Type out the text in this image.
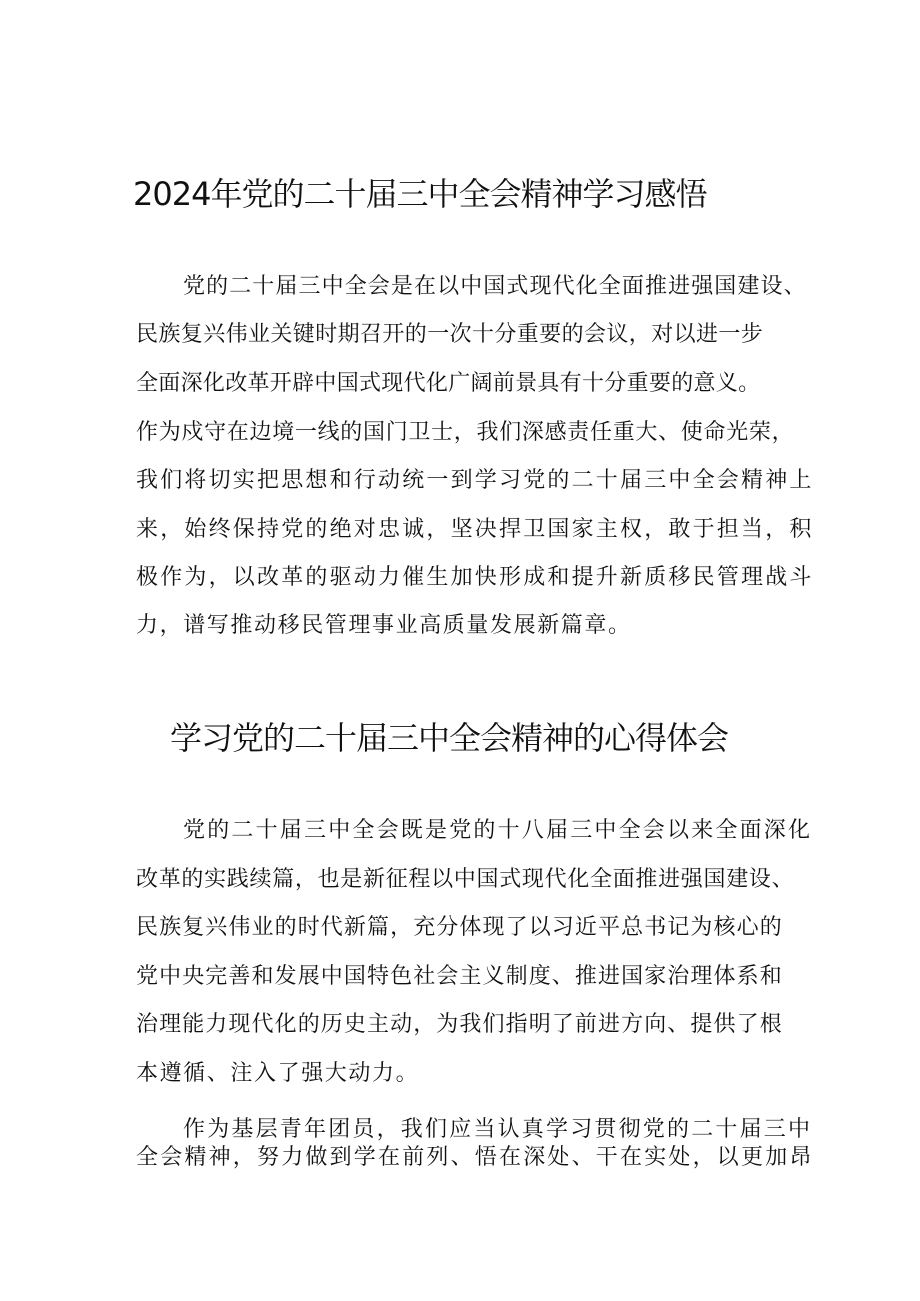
2024年党的二十届三中全会精神学习感悟

党的二十届三中全会是在以中国式现代化全面推进强国建设、

民族复兴伟业关键时期召开的一次十分重要的会议，对以进一步

全面深化改革开辟中国式现代化广阔前景具有十分重要的意义。

作为戍守在边境一线的国门卫士，我们深感责任重大、使命光荣，

我们将切实把思想和行动统一到学习党的二十届三中全会精神上

来，始终保持党的绝对忠诚，坚决捍卫国家主权，敢于担当，积

极作为，以改革的驱动力催生加快形成和提升新质移民管理战斗

力，谱写推动移民管理事业高质量发展新篇章。

学习党的二十届三中全会精神的心得体会

党的二十届三中全会既是党的十八届三中全会以来全面深化

改革的实践续篇，也是新征程以中国式现代化全面推进强国建设、

民族复兴伟业的时代新篇，充分体现了以习近平总书记为核心的

党中央完善和发展中国特色社会主义制度、推进国家治理体系和

治理能力现代化的历史主动，为我们指明了前进方向、提供了根

本遵循、注入了强大动力。

作为基层青年团员，我们应当认真学习贯彻党的二十届三中

全会精神，努力做到学在前列、悟在深处、干在实处，以更加昂
